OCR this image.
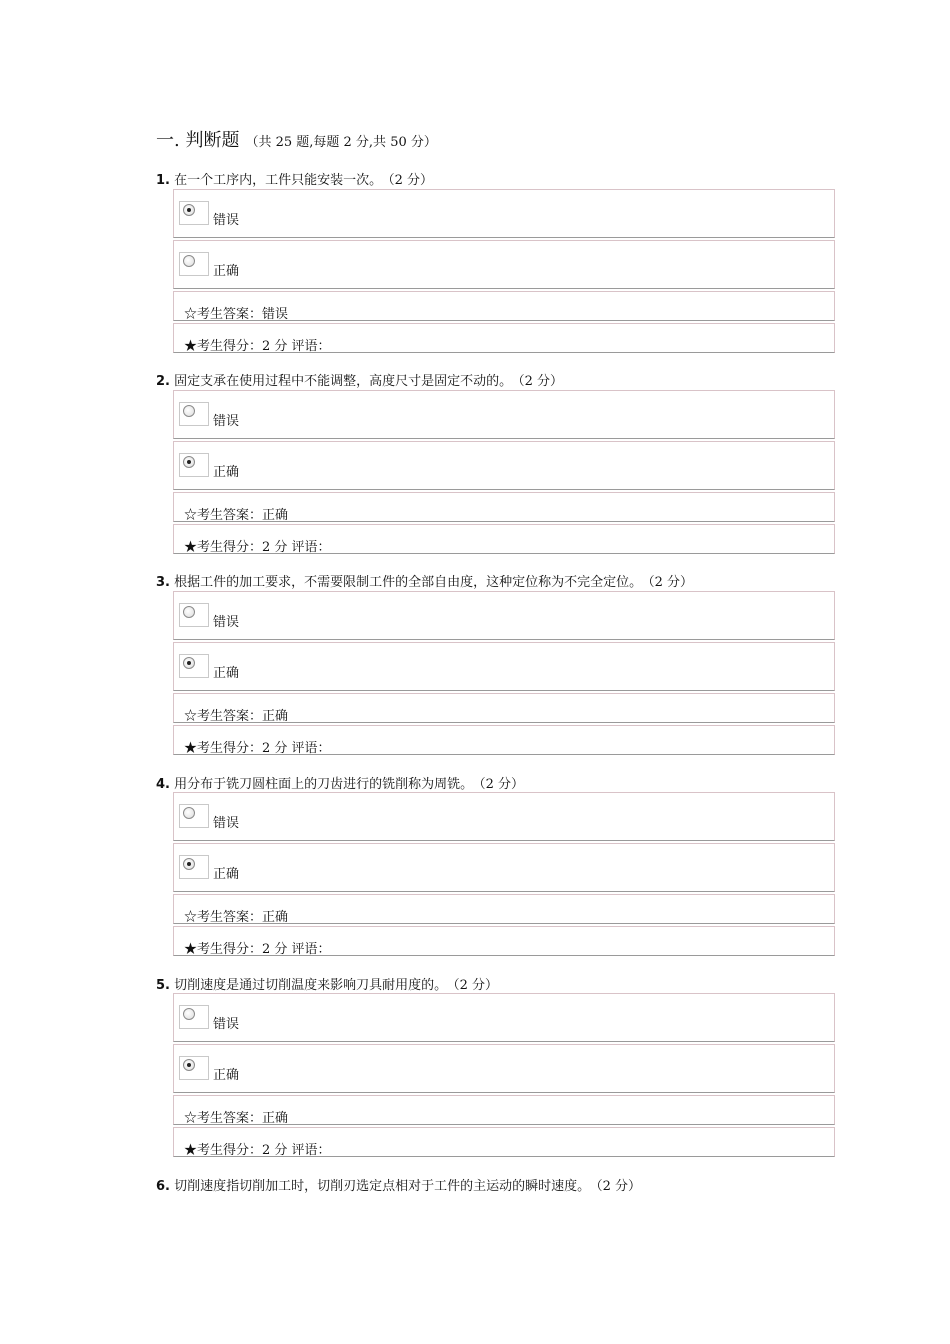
一. 判断题 （共 25 题,每题 2 分,共 50 分）
1. 在一个工序内，工件只能安装一次。 （2 分）
错误
正确
☆考生答案：错误
★考生得分：2 分 评语：
2. 固定支承在使用过程中不能调整，高度尺寸是固定不动的。 （2 分）
错误
正确
☆考生答案：正确
★考生得分：2 分 评语：
3. 根据工件的加工要求，不需要限制工件的全部自由度，这种定位称为不完全定位。 （2 分）
错误
正确
☆考生答案：正确
★考生得分：2 分 评语：
4. 用分布于铣刀圆柱面上的刀齿进行的铣削称为周铣。 （2 分）
错误
正确
☆考生答案：正确
★考生得分：2 分 评语：
5. 切削速度是通过切削温度来影响刀具耐用度的。 （2 分）
错误
正确
☆考生答案：正确
★考生得分：2 分 评语：
6. 切削速度指切削加工时，切削刃选定点相对于工件的主运动的瞬时速度。 （2 分）
